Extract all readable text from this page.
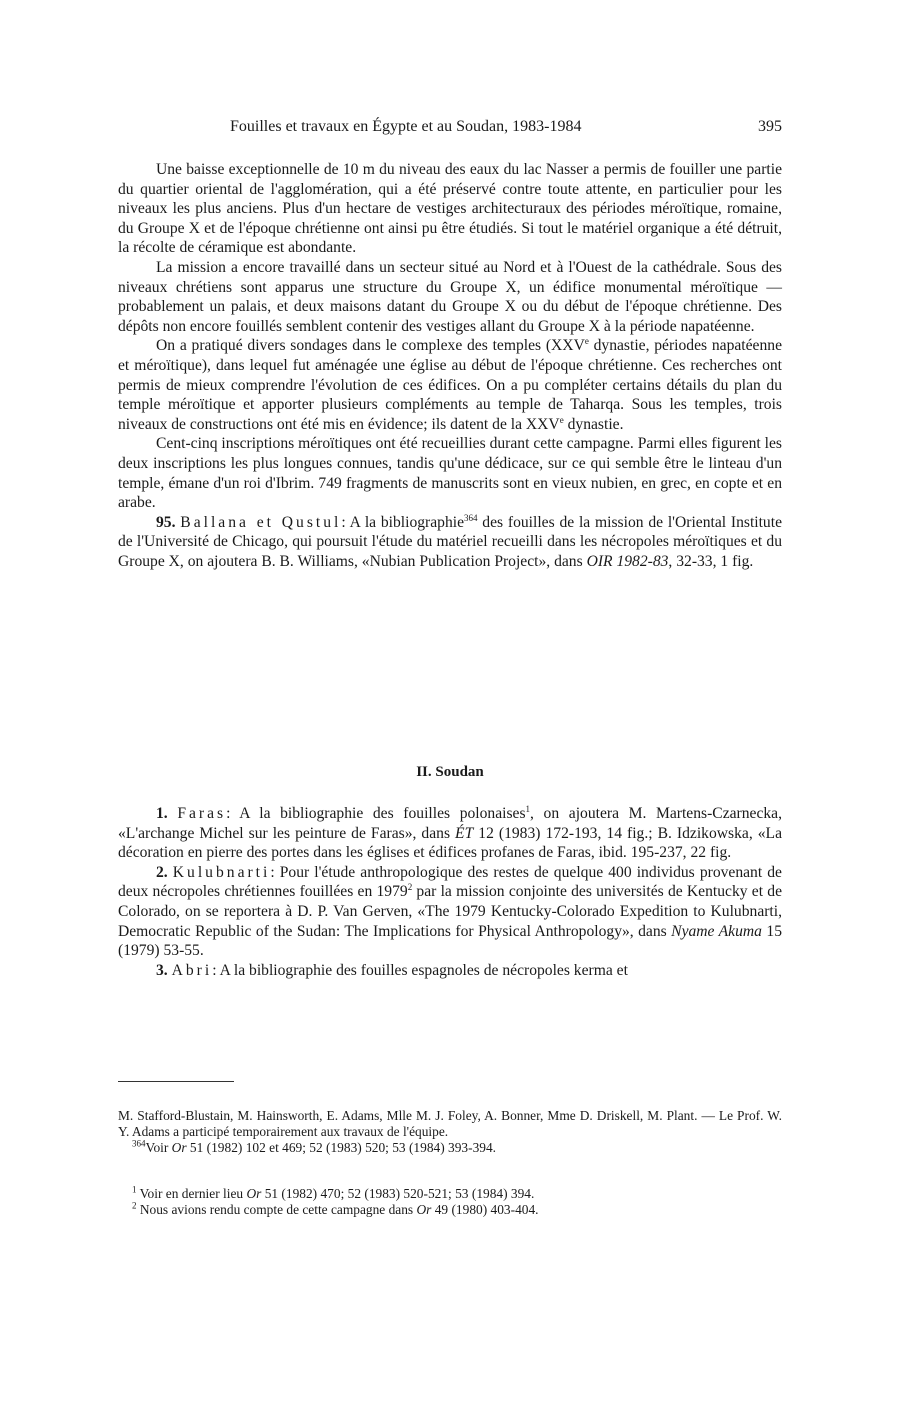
Fouilles et travaux en Égypte et au Soudan, 1983-1984	395

Une baisse exceptionnelle de 10 m du niveau des eaux du lac Nasser a permis de fouiller une partie du quartier oriental de l'agglomération, qui a été préservé contre toute attente, en particulier pour les niveaux les plus anciens. Plus d'un hectare de vestiges architecturaux des périodes méroïtique, romaine, du Groupe X et de l'époque chrétienne ont ainsi pu être étudiés. Si tout le matériel organique a été détruit, la récolte de céramique est abondante.

La mission a encore travaillé dans un secteur situé au Nord et à l'Ouest de la cathédrale. Sous des niveaux chrétiens sont apparus une structure du Groupe X, un édifice monumental méroïtique — probablement un palais, et deux maisons datant du Groupe X ou du début de l'époque chrétienne. Des dépôts non encore fouillés semblent contenir des vestiges allant du Groupe X à la période napatéenne.

On a pratiqué divers sondages dans le complexe des temples (XXVe dynastie, périodes napatéenne et méroïtique), dans lequel fut aménagée une église au début de l'époque chrétienne. Ces recherches ont permis de mieux comprendre l'évolution de ces édifices. On a pu compléter certains détails du plan du temple méroïtique et apporter plusieurs compléments au temple de Taharqa. Sous les temples, trois niveaux de constructions ont été mis en évidence; ils datent de la XXVe dynastie.

Cent-cinq inscriptions méroïtiques ont été recueillies durant cette campagne. Parmi elles figurent les deux inscriptions les plus longues connues, tandis qu'une dédicace, sur ce qui semble être le linteau d'un temple, émane d'un roi d'Ibrim. 749 fragments de manuscrits sont en vieux nubien, en grec, en copte et en arabe.

95. Ballana et Qustul: A la bibliographie$^{364}$ des fouilles de la mission de l'Oriental Institute de l'Université de Chicago, qui poursuit l'étude du matériel recueilli dans les nécropoles méroïtiques et du Groupe X, on ajoutera B. B. Williams, «Nubian Publication Project», dans OIR 1982-83, 32-33, 1 fig.

II. Soudan

1. Faras: A la bibliographie des fouilles polonaises$^1$, on ajoutera M. Martens-Czarnecka, «L'archange Michel sur les peinture de Faras», dans ÉT 12 (1983) 172-193, 14 fig.; B. Idzikowska, «La décoration en pierre des portes dans les églises et édifices profanes de Faras, ibid. 195-237, 22 fig.

2. Kulubnarti: Pour l'étude anthropologique des restes de quelque 400 individus provenant de deux nécropoles chrétiennes fouillées en 1979$^2$ par la mission conjointe des universités de Kentucky et de Colorado, on se reportera à D. P. Van Gerven, «The 1979 Kentucky-Colorado Expedition to Kulubnarti, Democratic Republic of the Sudan: The Implications for Physical Anthropology», dans Nyame Akuma 15 (1979) 53-55.

3. Abri: A la bibliographie des fouilles espagnoles de nécropoles kerma et

M. Stafford-Blustain, M. Hainsworth, E. Adams, Mlle M. J. Foley, A. Bonner, Mme D. Driskell, M. Plant. — Le Prof. W. Y. Adams a participé temporairement aux travaux de l'équipe.

$^{364}$Voir Or 51 (1982) 102 et 469; 52 (1983) 520; 53 (1984) 393-394.

$^1$ Voir en dernier lieu Or 51 (1982) 470; 52 (1983) 520-521; 53 (1984) 394.

$^2$ Nous avions rendu compte de cette campagne dans Or 49 (1980) 403-404.
